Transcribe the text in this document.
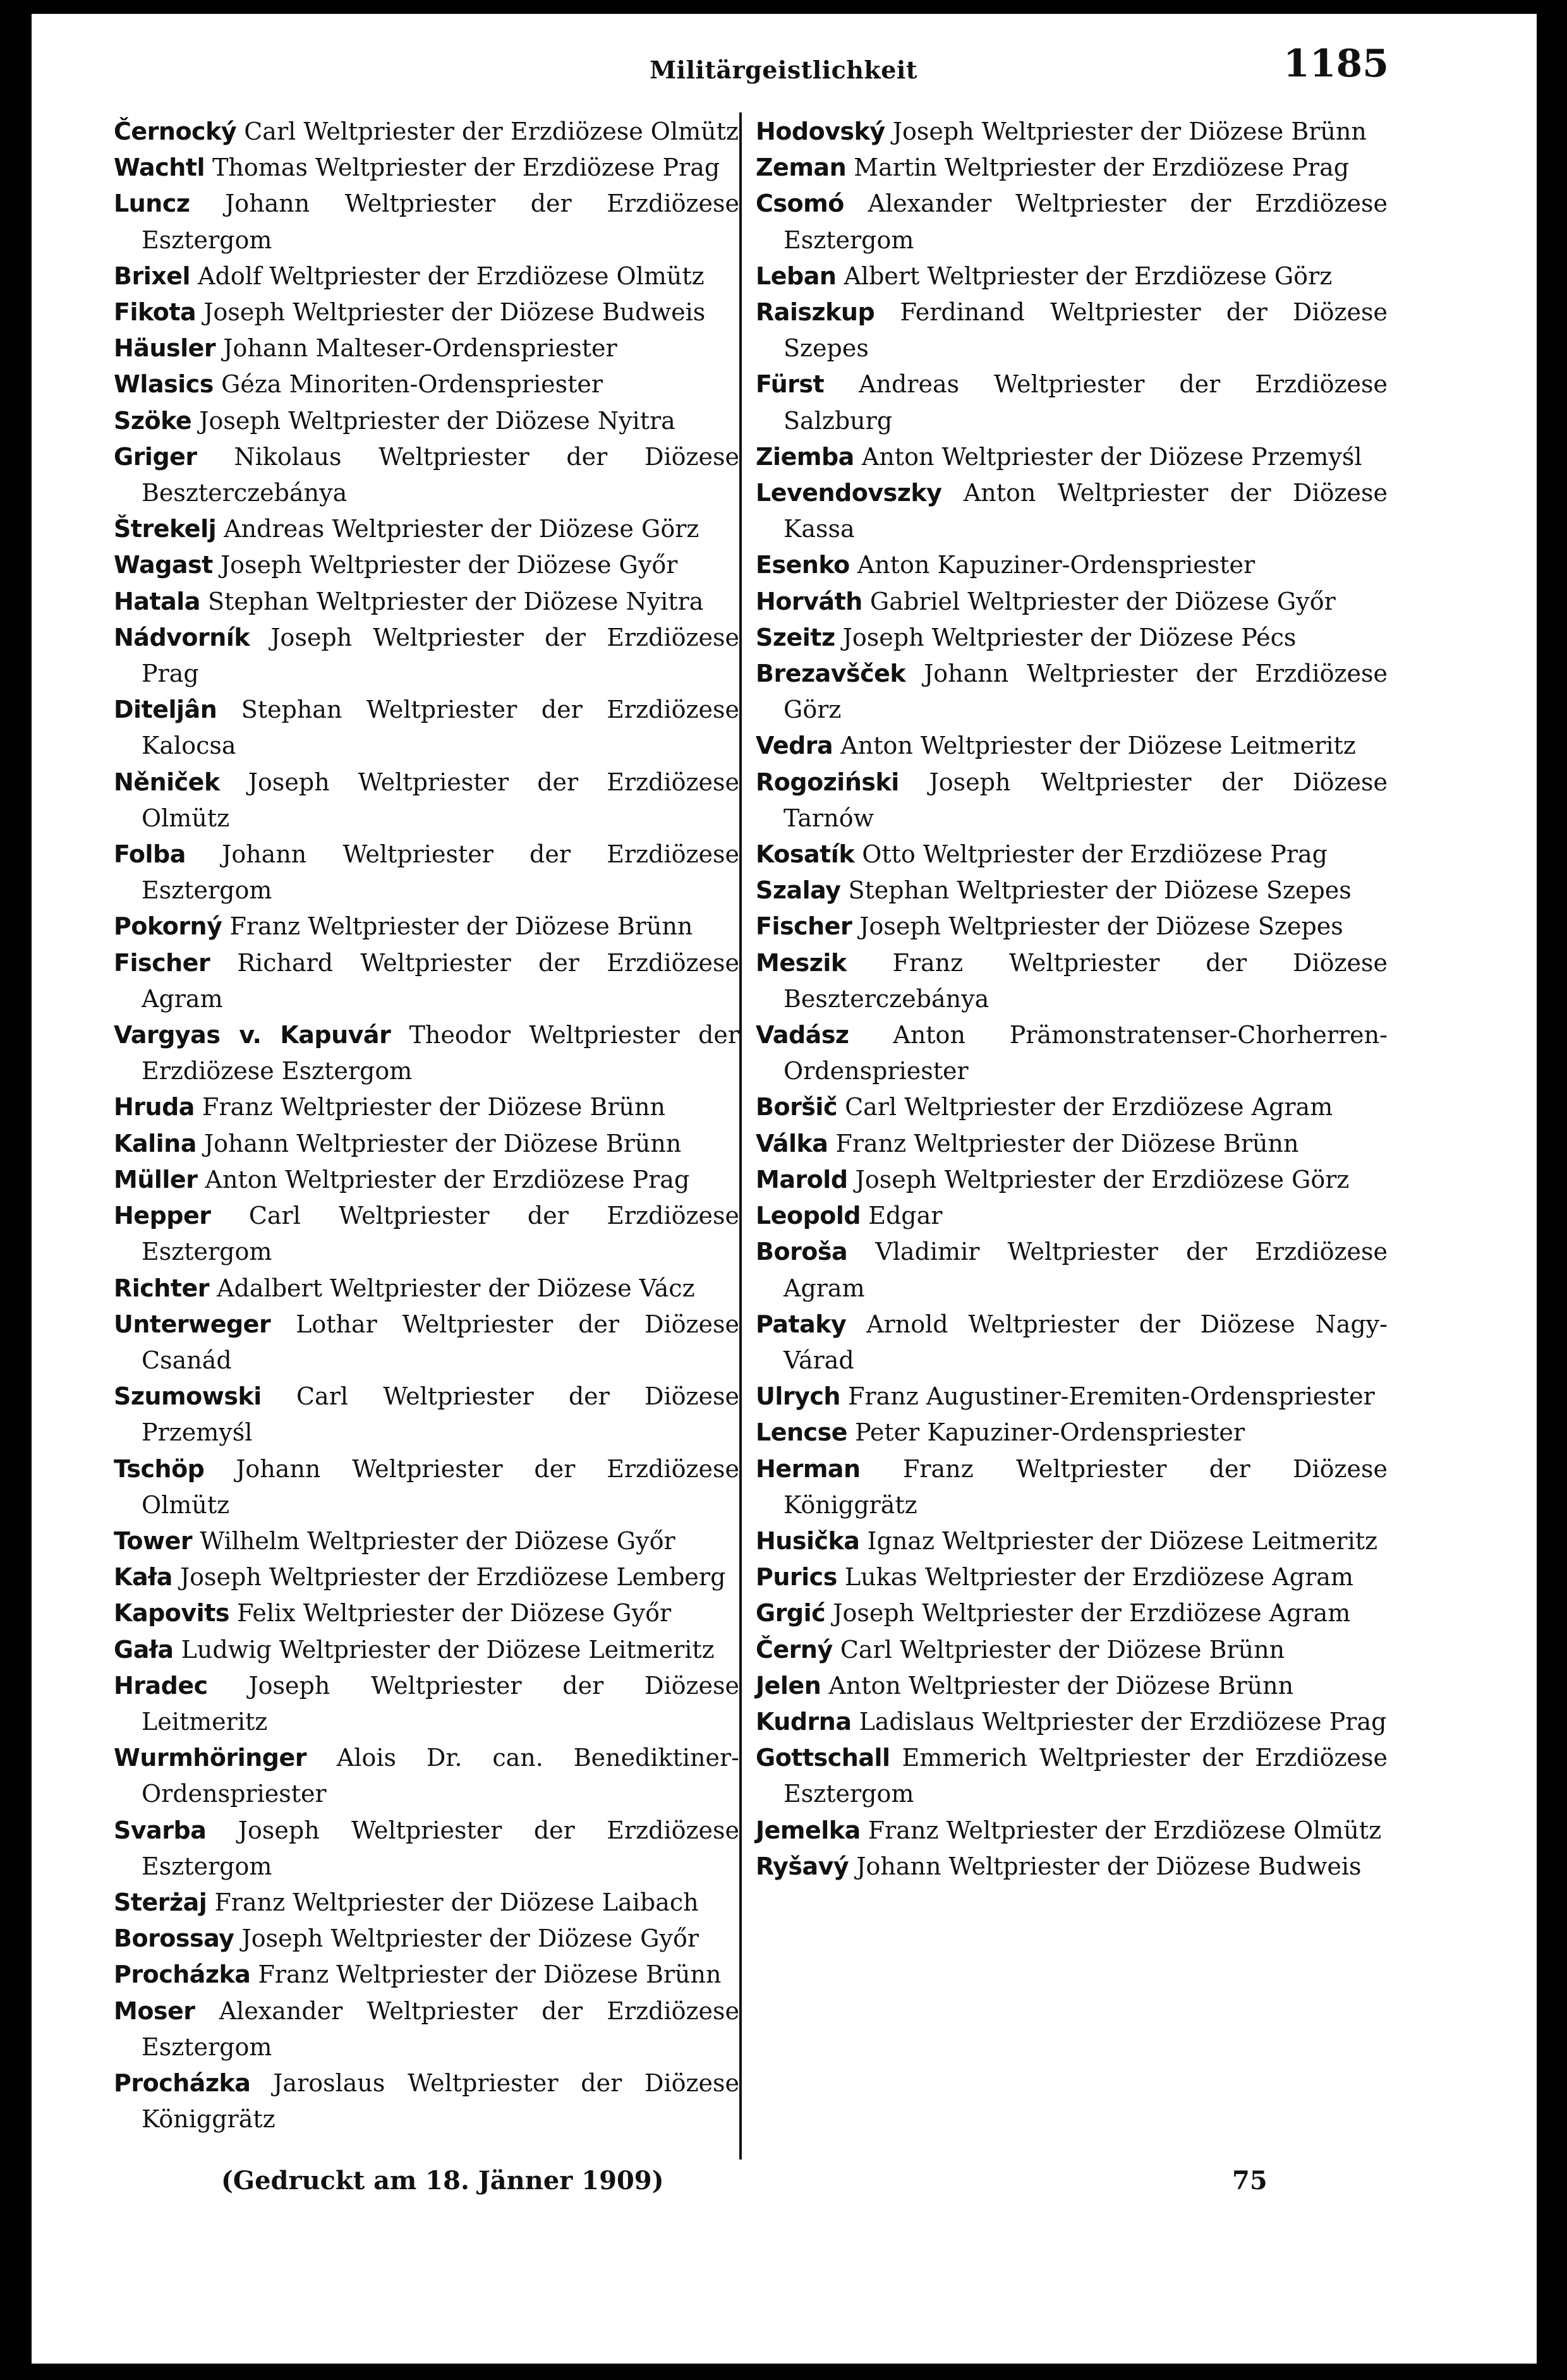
Militärgeistlichkeit	1185

Černocký Carl Weltpriester der Erzdiözese Olmütz

Wachtl Thomas Weltpriester der Erzdiözese Prag

Luncz Johann Weltpriester der Erzdiözese Esztergom

Brixel Adolf Weltpriester der Erzdiözese Olmütz

Fikota Joseph Weltpriester der Diözese Budweis

Häusler Johann Malteser-Ordenspriester

Wlasics Géza Minoriten-Ordenspriester

Szöke Joseph Weltpriester der Diözese Nyitra

Griger Nikolaus Weltpriester der Diözese Beszterczebánya

Štrekelj Andreas Weltpriester der Diözese Görz

Wagast Joseph Weltpriester der Diözese Győr

Hatala Stephan Weltpriester der Diözese Nyitra

Nádvorník Joseph Weltpriester der Erzdiözese Prag

Diteljân Stephan Weltpriester der Erzdiözese Kalocsa

Něniček Joseph Weltpriester der Erzdiözese Olmütz

Folba Johann Weltpriester der Erzdiözese Esztergom

Pokorný Franz Weltpriester der Diözese Brünn

Fischer Richard Weltpriester der Erzdiözese Agram

Vargyas v. Kapuvár Theodor Weltpriester der Erzdiözese Esztergom

Hruda Franz Weltpriester der Diözese Brünn

Kalina Johann Weltpriester der Diözese Brünn

Müller Anton Weltpriester der Erzdiözese Prag

Hepper Carl Weltpriester der Erzdiözese Esztergom

Richter Adalbert Weltpriester der Diözese Vácz

Unterweger Lothar Weltpriester der Diözese Csanád

Szumowski Carl Weltpriester der Diözese Przemyśl

Tschöp Johann Weltpriester der Erzdiözese Olmütz

Tower Wilhelm Weltpriester der Diözese Győr

Kała Joseph Weltpriester der Erzdiözese Lemberg

Kapovits Felix Weltpriester der Diözese Győr

Gała Ludwig Weltpriester der Diözese Leitmeritz

Hradec Joseph Weltpriester der Diözese Leitmeritz

Wurmhöringer Alois Dr. can. Benediktiner-Ordenspriester

Svarba Joseph Weltpriester der Erzdiözese Esztergom

Sterżaj Franz Weltpriester der Diözese Laibach

Borossay Joseph Weltpriester der Diözese Győr

Procházka Franz Weltpriester der Diözese Brünn

Moser Alexander Weltpriester der Erzdiözese Esztergom

Procházka Jaroslaus Weltpriester der Diözese Königgrätz

Hodovský Joseph Weltpriester der Diözese Brünn

Zeman Martin Weltpriester der Erzdiözese Prag

Csomó Alexander Weltpriester der Erzdiözese Esztergom

Leban Albert Weltpriester der Erzdiözese Görz

Raiszkup Ferdinand Weltpriester der Diözese Szepes

Fürst Andreas Weltpriester der Erzdiözese Salzburg

Ziemba Anton Weltpriester der Diözese Przemyśl

Levendovszky Anton Weltpriester der Diözese Kassa

Esenko Anton Kapuziner-Ordenspriester

Horváth Gabriel Weltpriester der Diözese Győr

Szeitz Joseph Weltpriester der Diözese Pécs

Brezavšček Johann Weltpriester der Erzdiözese Görz

Vedra Anton Weltpriester der Diözese Leitmeritz

Rogoziński Joseph Weltpriester der Diözese Tarnów

Kosatík Otto Weltpriester der Erzdiözese Prag

Szalay Stephan Weltpriester der Diözese Szepes

Fischer Joseph Weltpriester der Diözese Szepes

Meszik Franz Weltpriester der Diözese Beszterczebánya

Vadász Anton Prämonstratenser-Chorherren-Ordenspriester

Boršič Carl Weltpriester der Erzdiözese Agram

Válka Franz Weltpriester der Diözese Brünn

Marold Joseph Weltpriester der Erzdiözese Görz

Leopold Edgar

Boroša Vladimir Weltpriester der Erzdiözese Agram

Pataky Arnold Weltpriester der Diözese Nagy-Várad

Ulrych Franz Augustiner-Eremiten-Ordenspriester

Lencse Peter Kapuziner-Ordenspriester

Herman Franz Weltpriester der Diözese Königgrätz

Husička Ignaz Weltpriester der Diözese Leitmeritz

Purics Lukas Weltpriester der Erzdiözese Agram

Grgić Joseph Weltpriester der Erzdiözese Agram

Černý Carl Weltpriester der Diözese Brünn

Jelen Anton Weltpriester der Diözese Brünn

Kudrna Ladislaus Weltpriester der Erzdiözese Prag

Gottschall Emmerich Weltpriester der Erzdiözese Esztergom

Jemelka Franz Weltpriester der Erzdiözese Olmütz

Ryšavý Johann Weltpriester der Diözese Budweis

(Gedruckt am 18. Jänner 1909)	75
